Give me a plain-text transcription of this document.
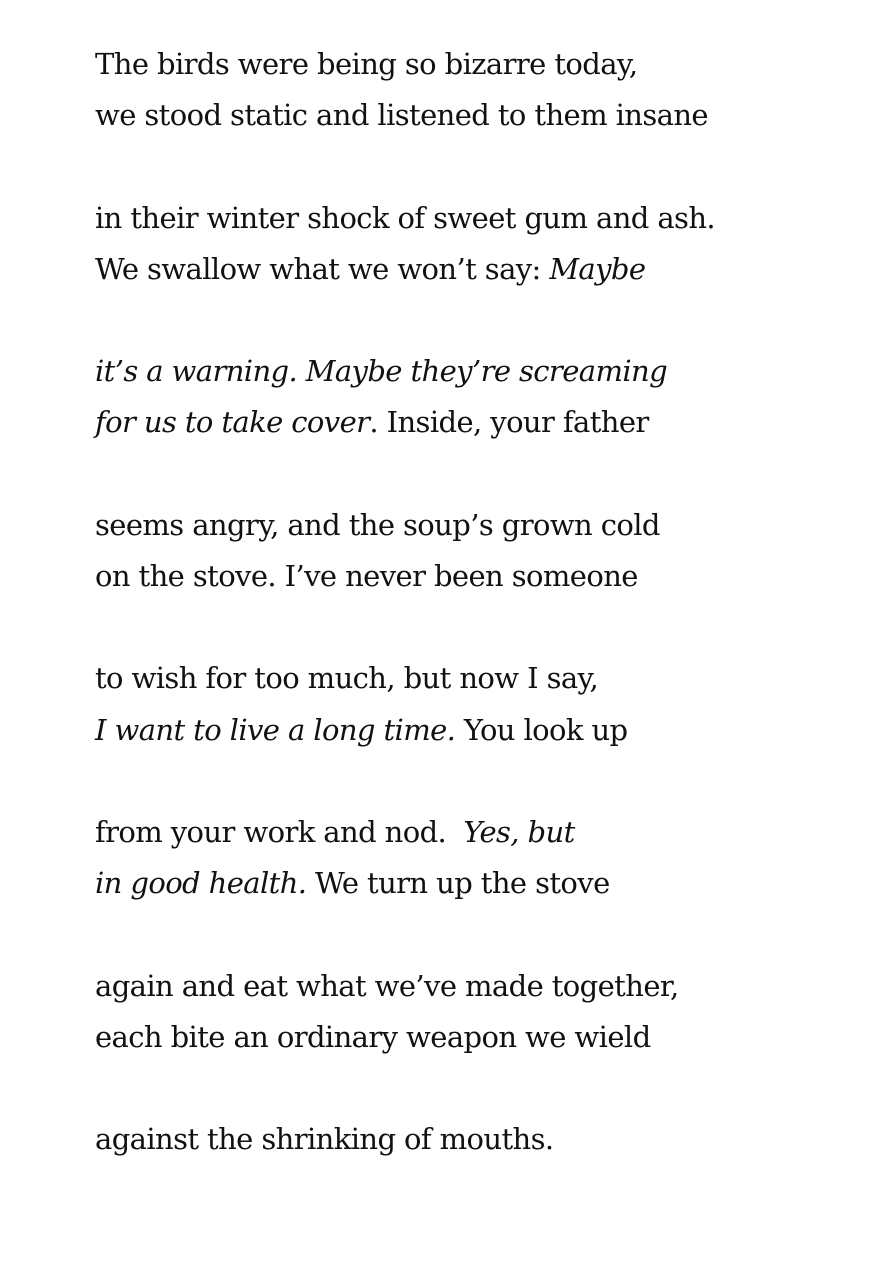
The birds were being so bizarre today,
we stood static and listened to them insane
in their winter shock of sweet gum and ash.
We swallow what we won’t say: Maybe
it’s a warning. Maybe they’re screaming
for us to take cover. Inside, your father
seems angry, and the soup’s grown cold
on the stove. I’ve never been someone
to wish for too much, but now I say,
I want to live a long time. You look up
from your work and nod.  Yes, but
in good health. We turn up the stove
again and eat what we’ve made together,
each bite an ordinary weapon we wield
against the shrinking of mouths.
